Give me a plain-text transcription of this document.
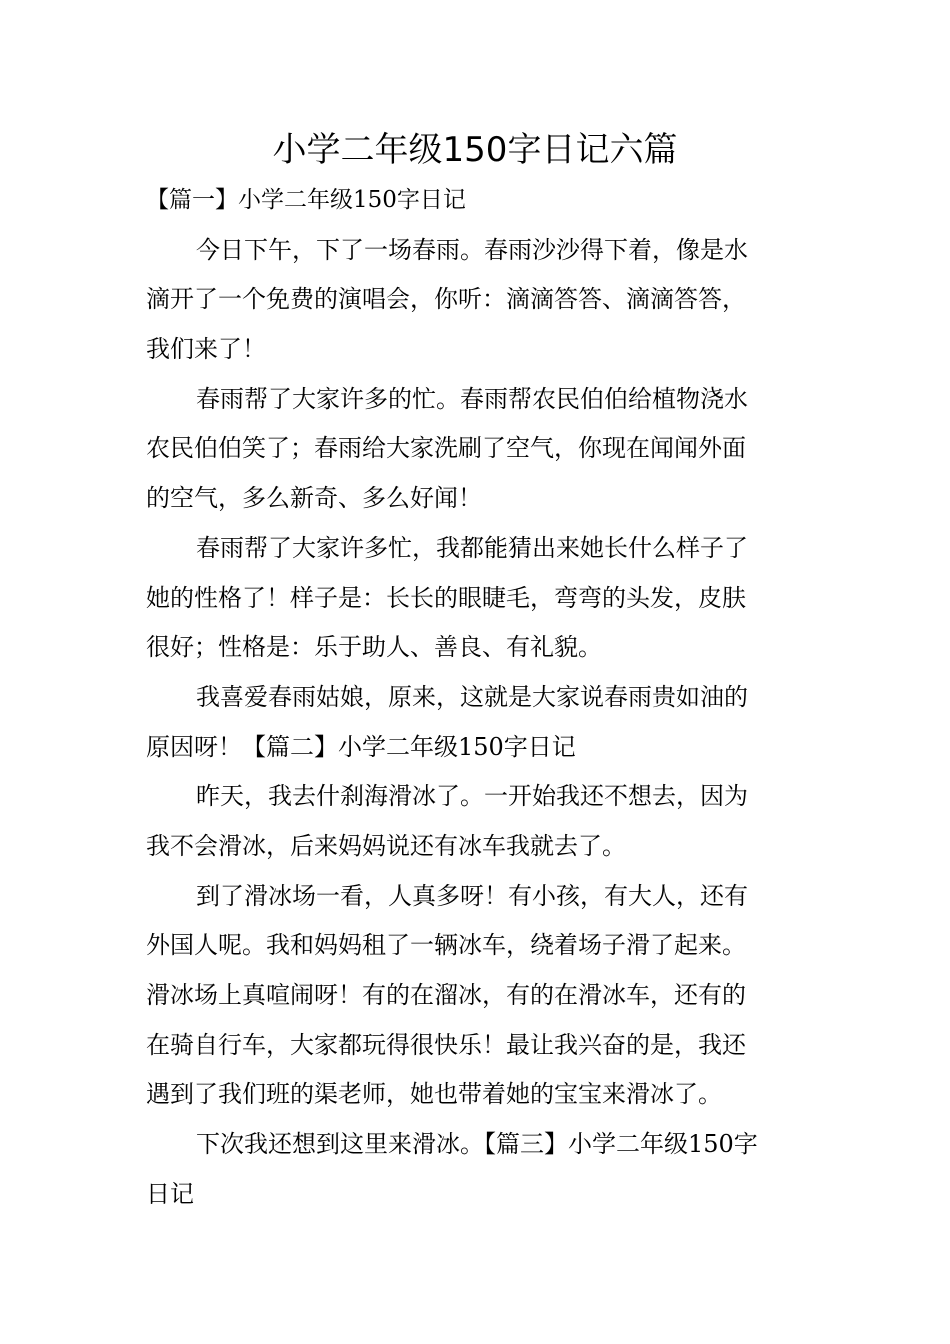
小学二年级150字日记六篇
【篇一】小学二年级150字日记
今日下午，下了一场春雨。春雨沙沙得下着，像是水
滴开了一个免费的演唱会，你听：滴滴答答、滴滴答答，
我们来了！
春雨帮了大家许多的忙。春雨帮农民伯伯给植物浇水
农民伯伯笑了；春雨给大家洗刷了空气，你现在闻闻外面
的空气，多么新奇、多么好闻！
春雨帮了大家许多忙，我都能猜出来她长什么样子了
她的性格了！样子是：长长的眼睫毛，弯弯的头发，皮肤
很好；性格是：乐于助人、善良、有礼貌。
我喜爱春雨姑娘，原来，这就是大家说春雨贵如油的
原因呀！【篇二】小学二年级150字日记
昨天，我去什刹海滑冰了。一开始我还不想去，因为
我不会滑冰，后来妈妈说还有冰车我就去了。
到了滑冰场一看，人真多呀！有小孩，有大人，还有
外国人呢。我和妈妈租了一辆冰车，绕着场子滑了起来。
滑冰场上真喧闹呀！有的在溜冰，有的在滑冰车，还有的
在骑自行车，大家都玩得很快乐！最让我兴奋的是，我还
遇到了我们班的渠老师，她也带着她的宝宝来滑冰了。
下次我还想到这里来滑冰。【篇三】小学二年级150字
日记
